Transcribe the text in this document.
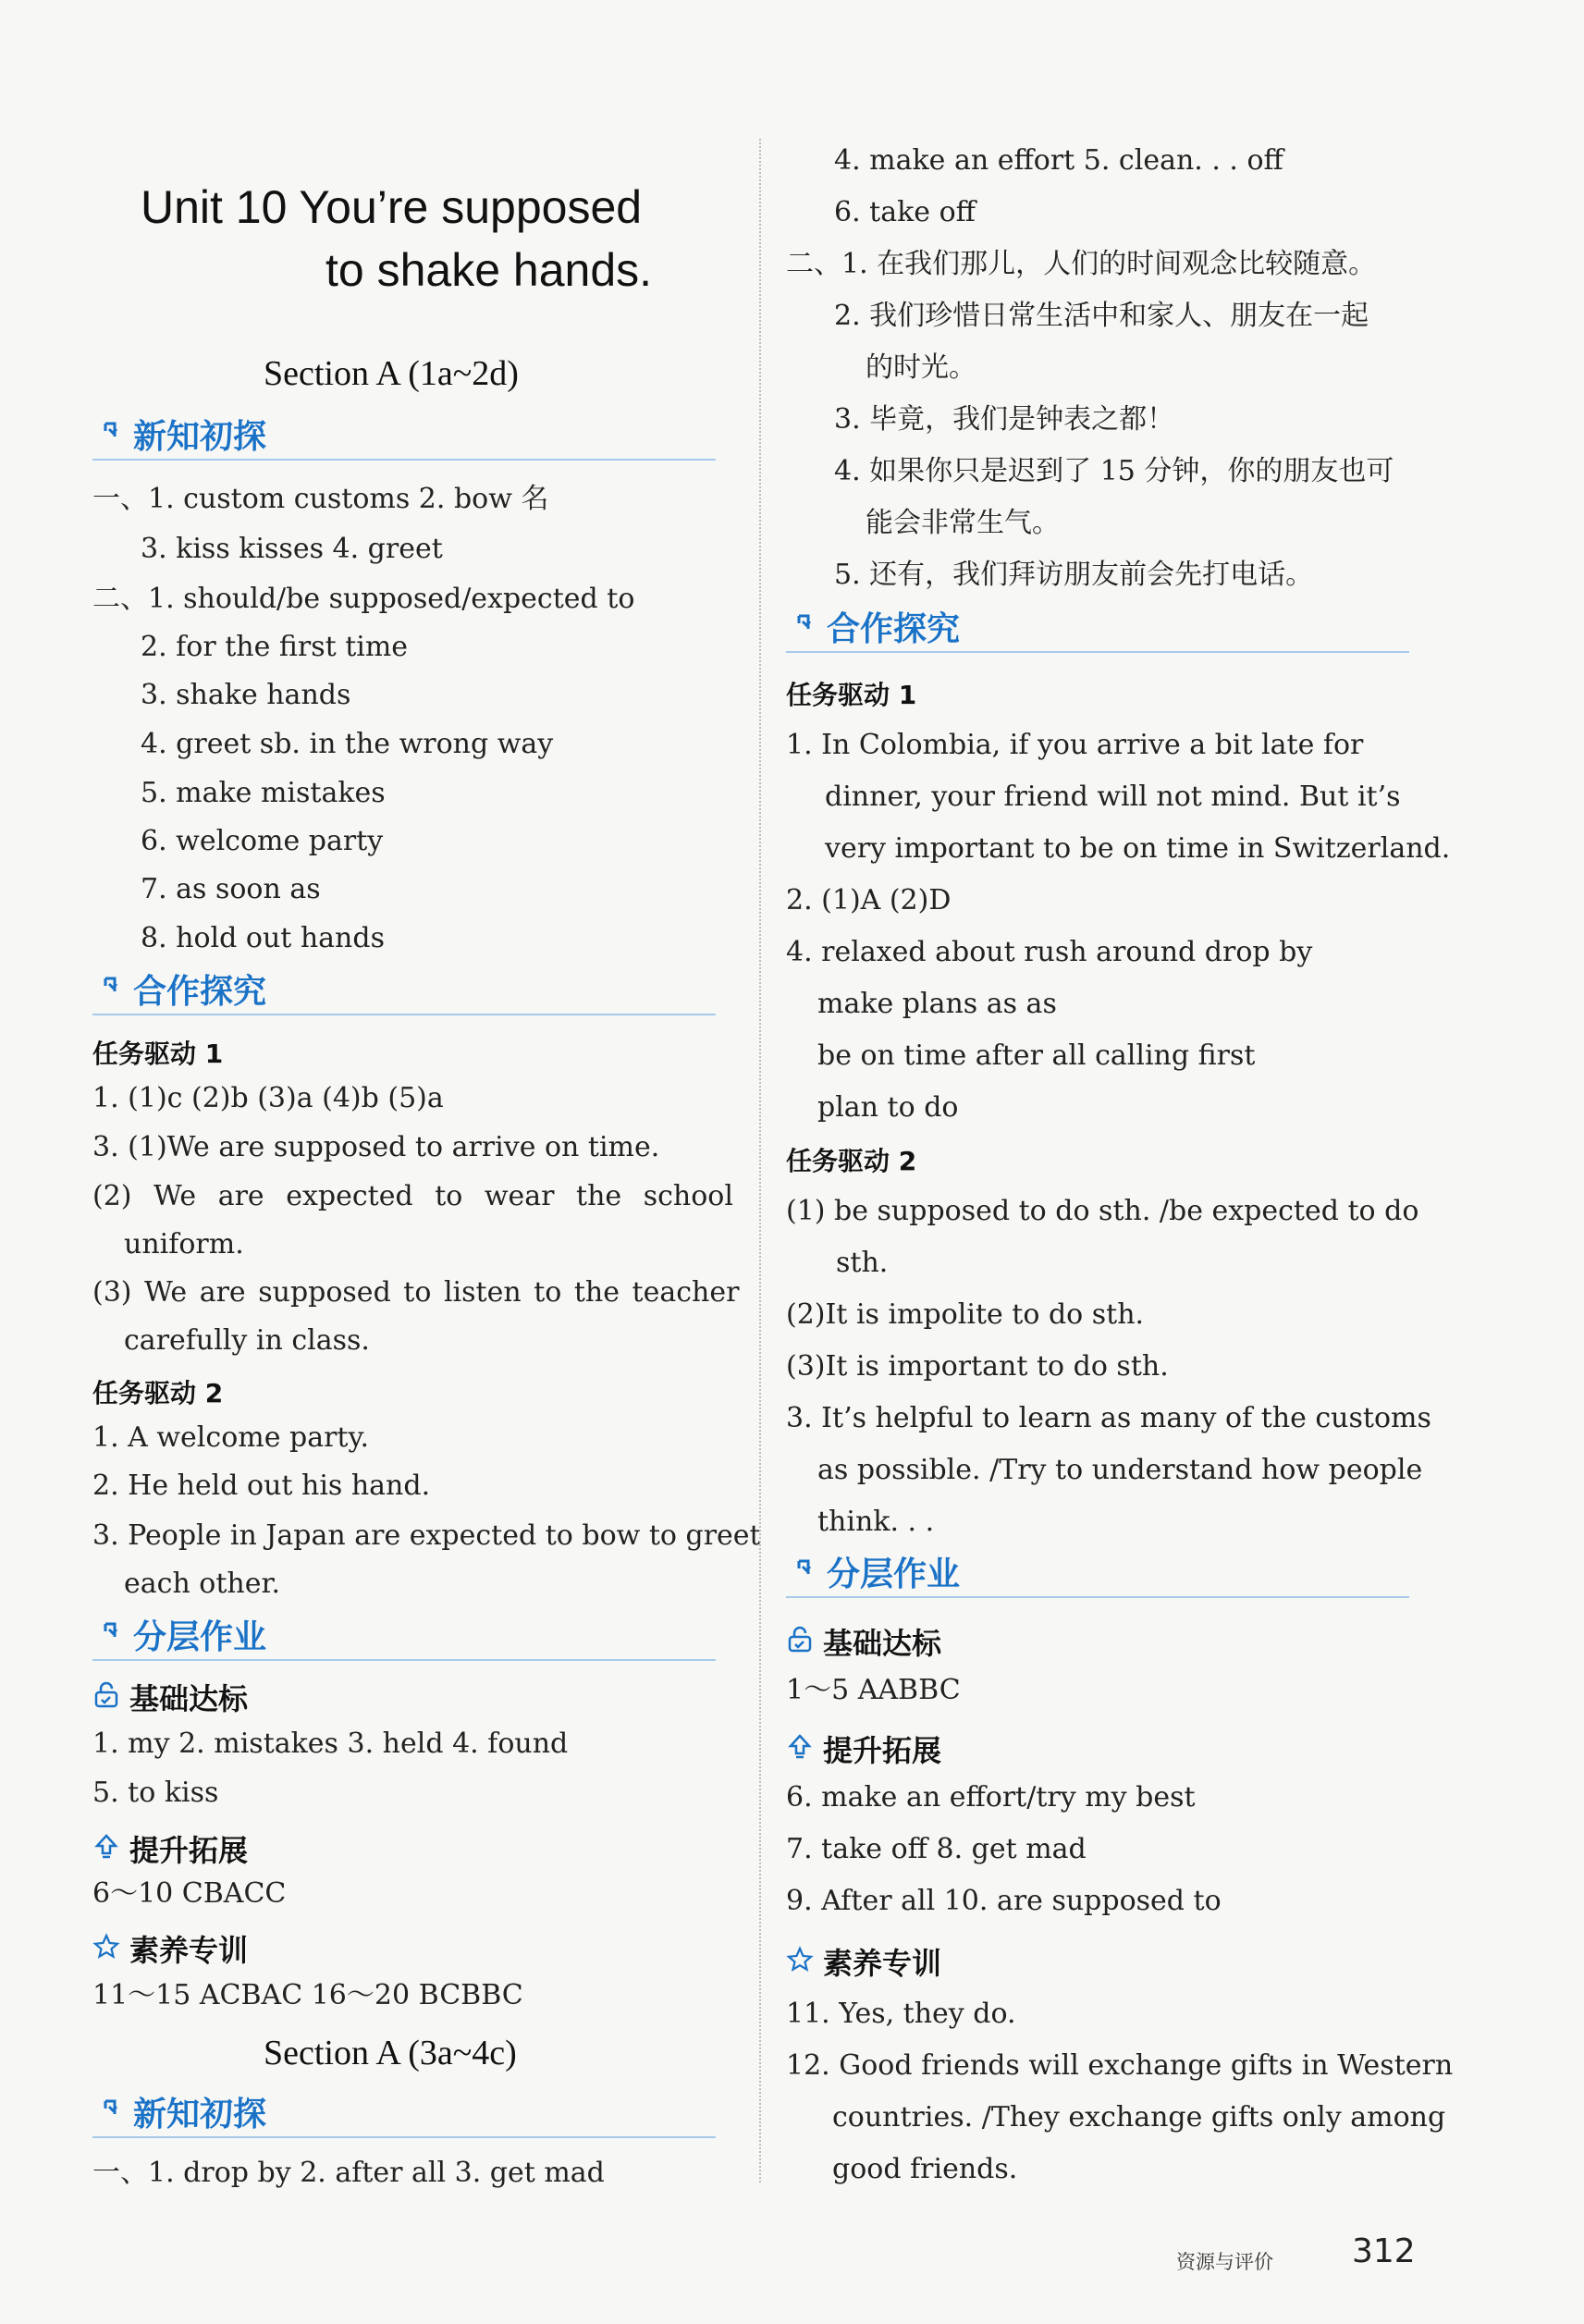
Unit 10 You’re supposed
to shake hands.
Section A (1a~2d)
新知初探
一、1. custom customs 2. bow 名
3. kiss kisses 4. greet
二、1. should/be supposed/expected to
2. for the first time
3. shake hands
4. greet sb. in the wrong way
5. make mistakes
6. welcome party
7. as soon as
8. hold out hands
合作探究
任务驱动 1
1. (1)c (2)b (3)a (4)b (5)a
3. (1)We are supposed to arrive on time.
(2) We are expected to wear the school
uniform.
(3) We are supposed to listen to the teacher
carefully in class.
任务驱动 2
1. A welcome party.
2. He held out his hand.
3. People in Japan are expected to bow to greet
each other.
分层作业
基础达标
1. my 2. mistakes 3. held 4. found
5. to kiss
提升拓展
6～10 CBACC
素养专训
11～15 ACBAC 16～20 BCBBC
Section A (3a~4c)
新知初探
一、1. drop by 2. after all 3. get mad
4. make an effort 5. clean. . . off
6. take off
二、1. 在我们那儿，人们的时间观念比较随意。
2. 我们珍惜日常生活中和家人、朋友在一起
的时光。
3. 毕竟，我们是钟表之都！
4. 如果你只是迟到了 15 分钟，你的朋友也可
能会非常生气。
5. 还有，我们拜访朋友前会先打电话。
合作探究
任务驱动 1
1. In Colombia, if you arrive a bit late for
dinner, your friend will not mind. But it’s
very important to be on time in Switzerland.
2. (1)A (2)D
4. relaxed about rush around drop by
make plans as as
be on time after all calling first
plan to do
任务驱动 2
(1) be supposed to do sth. /be expected to do
sth.
(2)It is impolite to do sth.
(3)It is important to do sth.
3. It’s helpful to learn as many of the customs
as possible. /Try to understand how people
think. . .
分层作业
基础达标
1～5 AABBC
提升拓展
6. make an effort/try my best
7. take off 8. get mad
9. After all 10. are supposed to
素养专训
11. Yes, they do.
12. Good friends will exchange gifts in Western
countries. /They exchange gifts only among
good friends.
资源与评价 312
